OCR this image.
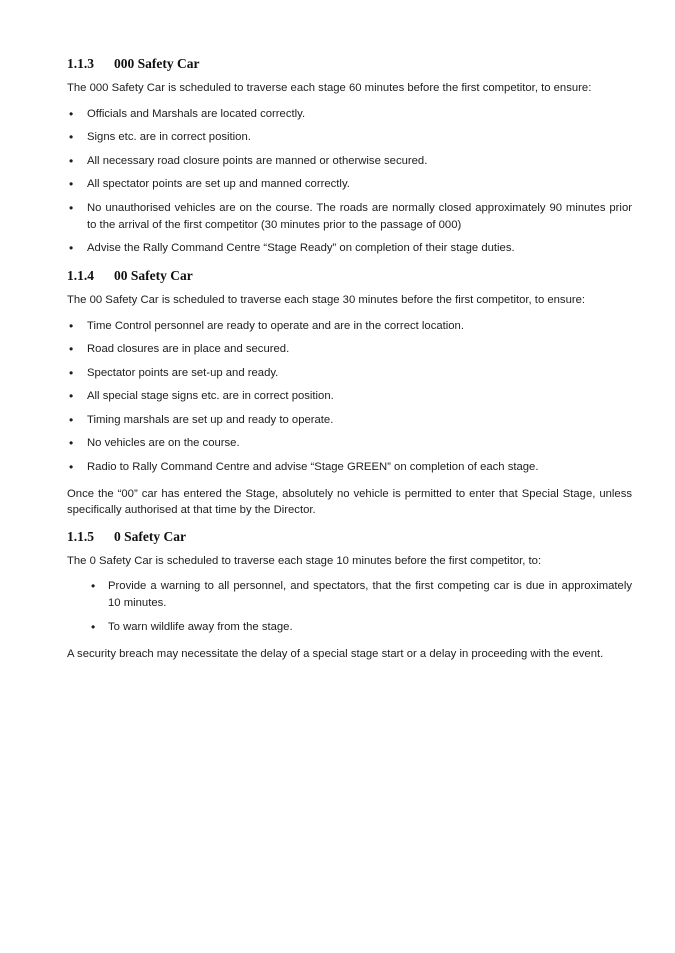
1.1.3 000 Safety Car

The 000 Safety Car is scheduled to traverse each stage 60 minutes before the first competitor, to ensure:

• Officials and Marshals are located correctly.
• Signs etc. are in correct position.
• All necessary road closure points are manned or otherwise secured.
• All spectator points are set up and manned correctly.
• No unauthorised vehicles are on the course. The roads are normally closed approximately 90 minutes prior to the arrival of the first competitor (30 minutes prior to the passage of 000)
• Advise the Rally Command Centre “Stage Ready” on completion of their stage duties.
1.1.4 00 Safety Car

The 00 Safety Car is scheduled to traverse each stage 30 minutes before the first competitor, to ensure:

• Time Control personnel are ready to operate and are in the correct location.
• Road closures are in place and secured.
• Spectator points are set-up and ready.
• All special stage signs etc. are in correct position.
• Timing marshals are set up and ready to operate.
• No vehicles are on the course.
• Radio to Rally Command Centre and advise “Stage GREEN” on completion of each stage.

Once the “00” car has entered the Stage, absolutely no vehicle is permitted to enter that Special Stage, unless specifically authorised at that time by the Director.

1.1.5 0 Safety Car

The 0 Safety Car is scheduled to traverse each stage 10 minutes before the first competitor, to:

• Provide a warning to all personnel, and spectators, that the first competing car is due in approximately 10 minutes.
• To warn wildlife away from the stage.

A security breach may necessitate the delay of a special stage start or a delay in proceeding with the event.
